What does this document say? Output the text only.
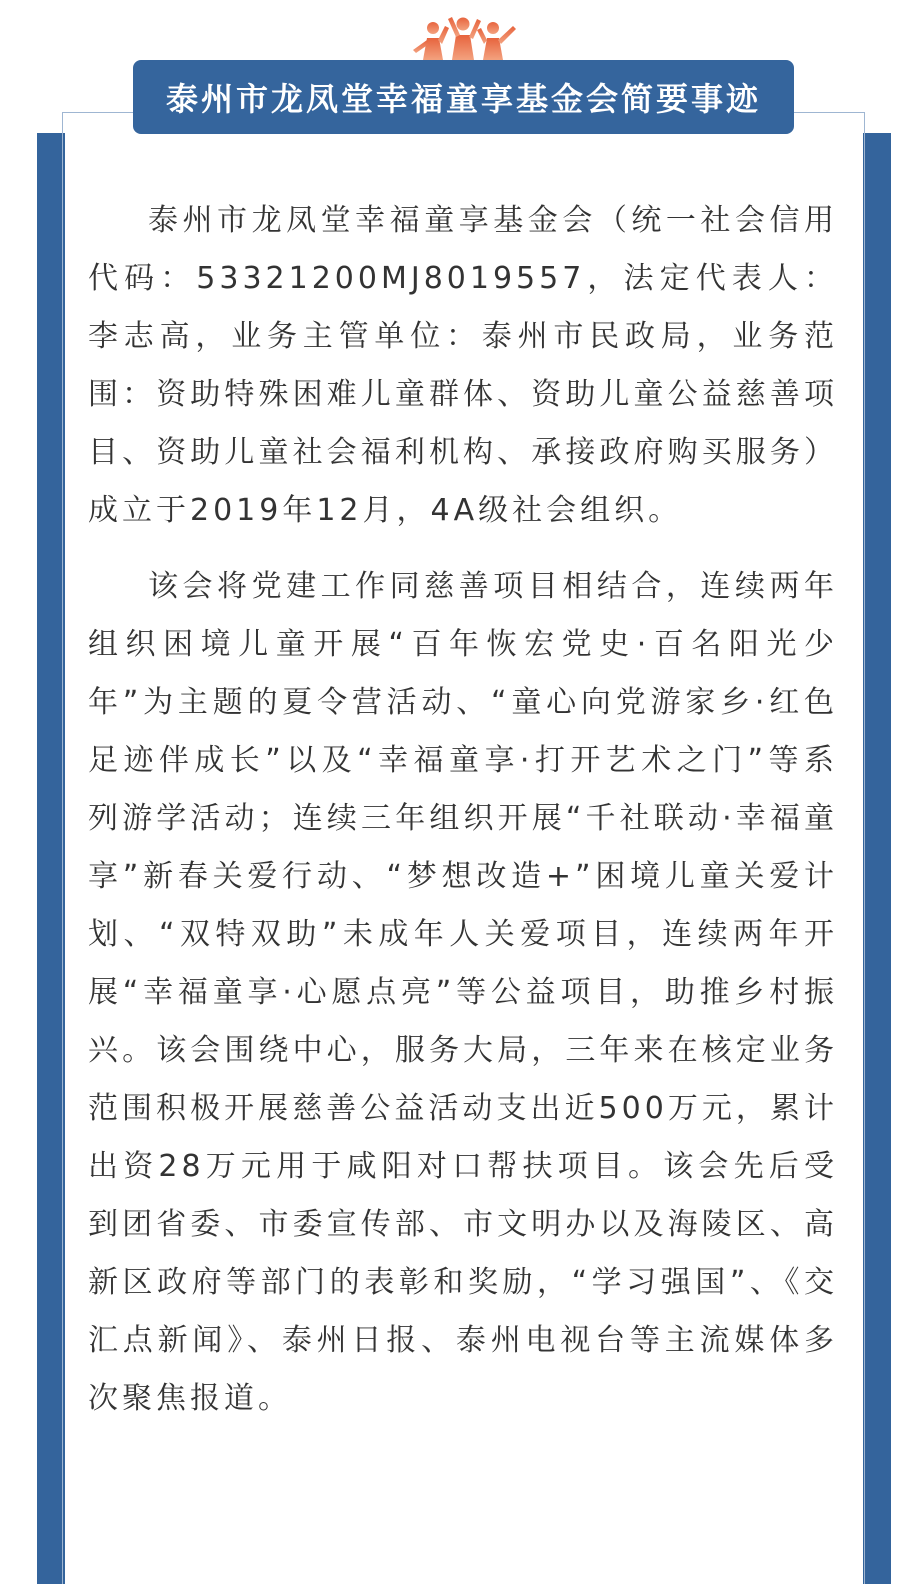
泰州市龙凤堂幸福童享基金会简要事迹

泰州市龙凤堂幸福童享基金会（统一社会信用代码：53321200MJ8019557，法定代表人：李志高，业务主管单位：泰州市民政局，业务范围：资助特殊困难儿童群体、资助儿童公益慈善项目、资助儿童社会福利机构、承接政府购买服务）成立于2019年12月，4A级社会组织。

该会将党建工作同慈善项目相结合，连续两年组织困境儿童开展“百年恢宏党史·百名阳光少年”为主题的夏令营活动、“童心向党游家乡·红色足迹伴成长”以及“幸福童享·打开艺术之门”等系列游学活动；连续三年组织开展“千社联动·幸福童享”新春关爱行动、“梦想改造+”困境儿童关爱计划、“双特双助”未成年人关爱项目，连续两年开展“幸福童享·心愿点亮”等公益项目，助推乡村振兴。该会围绕中心，服务大局，三年来在核定业务范围积极开展慈善公益活动支出近500万元，累计出资28万元用于咸阳对口帮扶项目。该会先后受到团省委、市委宣传部、市文明办以及海陵区、高新区政府等部门的表彰和奖励，“学习强国”、《交汇点新闻》、泰州日报、泰州电视台等主流媒体多次聚焦报道。
